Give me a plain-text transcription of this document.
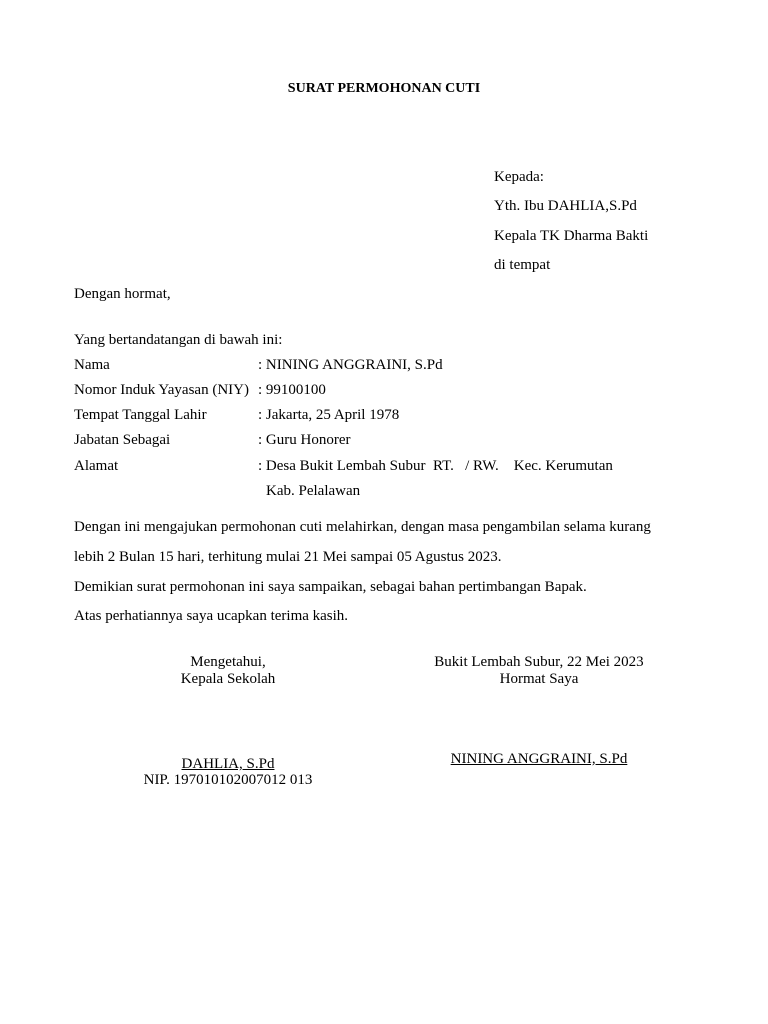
SURAT PERMOHONAN CUTI
Kepada:
Yth. Ibu DAHLIA,S.Pd
Kepala TK Dharma Bakti
di tempat
Dengan hormat,
Yang bertandatangan di bawah ini:
Nama	: NINING ANGGRAINI, S.Pd
Nomor Induk Yayasan (NIY) : 99100100
Tempat Tanggal Lahir	: Jakarta, 25 April 1978
Jabatan Sebagai	: Guru Honorer
Alamat	: Desa Bukit Lembah Subur  RT.   / RW.    Kec. Kerumutan
Kab. Pelalawan
Dengan ini mengajukan permohonan cuti melahirkan, dengan masa pengambilan selama kurang
lebih 2 Bulan 15 hari, terhitung mulai 21 Mei sampai 05 Agustus 2023.
Demikian surat permohonan ini saya sampaikan, sebagai bahan pertimbangan Bapak.
Atas perhatiannya saya ucapkan terima kasih.
Mengetahui,
Kepala Sekolah
DAHLIA, S.Pd
NIP. 197010102007012 013
Bukit Lembah Subur, 22 Mei 2023
Hormat Saya
NINING ANGGRAINI, S.Pd
